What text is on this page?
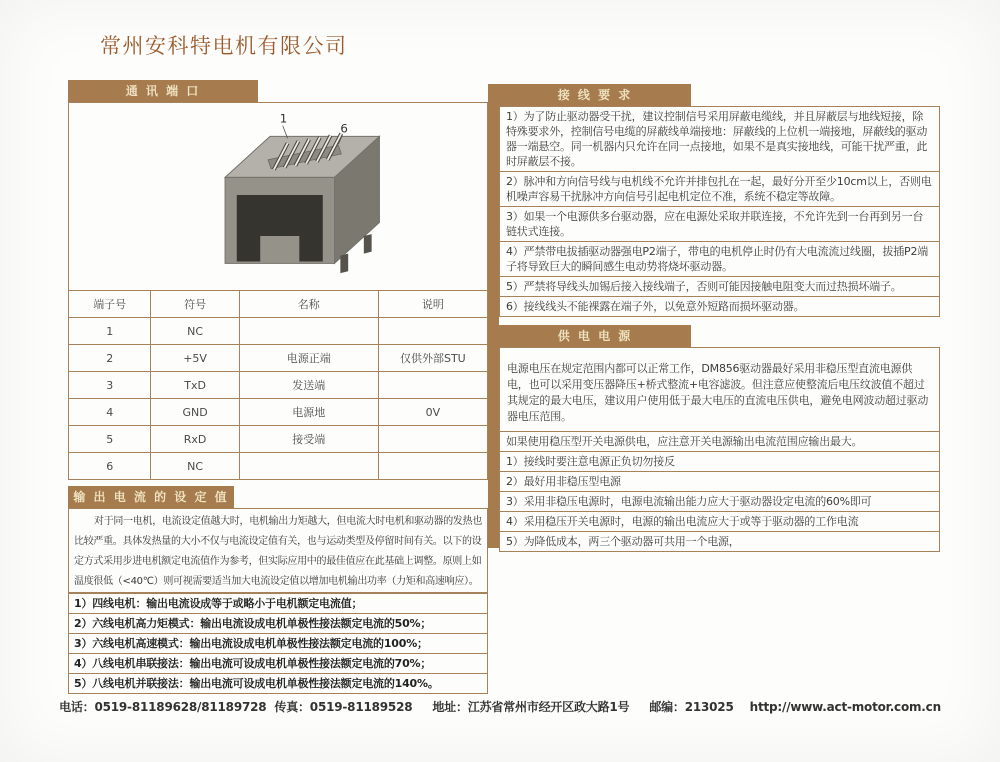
常州安科特电机有限公司
通 讯 端 口
1
6
端子号	符号	名称	说明
1	NC		
2	+5V	电源正端	仅供外部STU
3	TxD	发送端	
4	GND	电源地	0V
5	RxD	接受端	
6	NC		
输 出 电 流 的 设 定 值
对于同一电机，电流设定值越大时，电机输出力矩越大，但电流大时电机和驱动器的发热也比较严重。具体发热量的大小不仅与电流设定值有关，也与运动类型及停留时间有关。以下的设定方式采用步进电机额定电流值作为参考，但实际应用中的最佳值应在此基础上调整。原则上如温度很低（<40℃）则可视需要适当加大电流设定值以增加电机输出功率（力矩和高速响应）。
1）四线电机：输出电流设成等于或略小于电机额定电流值；
2）六线电机高力矩模式：输出电流设成电机单极性接法额定电流的50%；
3）六线电机高速模式：输出电流设成电机单极性接法额定电流的100%；
4）八线电机串联接法：输出电流可设成电机单极性接法额定电流的70%；
5）八线电机并联接法：输出电流可设成电机单极性接法额定电流的140%。
接 线 要 求
1）为了防止驱动器受干扰，建议控制信号采用屏蔽电缆线，并且屏蔽层与地线短接，除特殊要求外，控制信号电缆的屏蔽线单端接地：屏蔽线的上位机一端接地，屏蔽线的驱动器一端悬空。同一机器内只允许在同一点接地，如果不是真实接地线，可能干扰严重，此时屏蔽层不接。
2）脉冲和方向信号线与电机线不允许并排包扎在一起，最好分开至少10cm以上，否则电机噪声容易干扰脉冲方向信号引起电机定位不准，系统不稳定等故障。
3）如果一个电源供多台驱动器，应在电源处采取并联连接，不允许先到一台再到另一台链状式连接。
4）严禁带电拔插驱动器强电P2端子，带电的电机停止时仍有大电流流过线圈，拔插P2端子将导致巨大的瞬间感生电动势将烧坏驱动器。
5）严禁将导线头加锡后接入接线端子，否则可能因接触电阻变大而过热损坏端子。
6）接线线头不能裸露在端子外，以免意外短路而损坏驱动器。
供 电 电 源
电源电压在规定范围内都可以正常工作，DM856驱动器最好采用非稳压型直流电源供电，也可以采用变压器降压+桥式整流+电容滤波。但注意应使整流后电压纹波值不超过其规定的最大电压，建议用户使用低于最大电压的直流电压供电，避免电网波动超过驱动器电压范围。
如果使用稳压型开关电源供电，应注意开关电源输出电流范围应输出最大。
1）接线时要注意电源正负切勿接反
2）最好用非稳压型电源
3）采用非稳压电源时，电源电流输出能力应大于驱动器设定电流的60%即可
4）采用稳压开关电源时，电源的输出电流应大于或等于驱动器的工作电流
5）为降低成本，两三个驱动器可共用一个电源，
电话：0519-81189628/81189728 传真：0519-81189528 地址：江苏省常州市经开区政大路1号 邮编：213025 http://www.act-motor.com.cn
